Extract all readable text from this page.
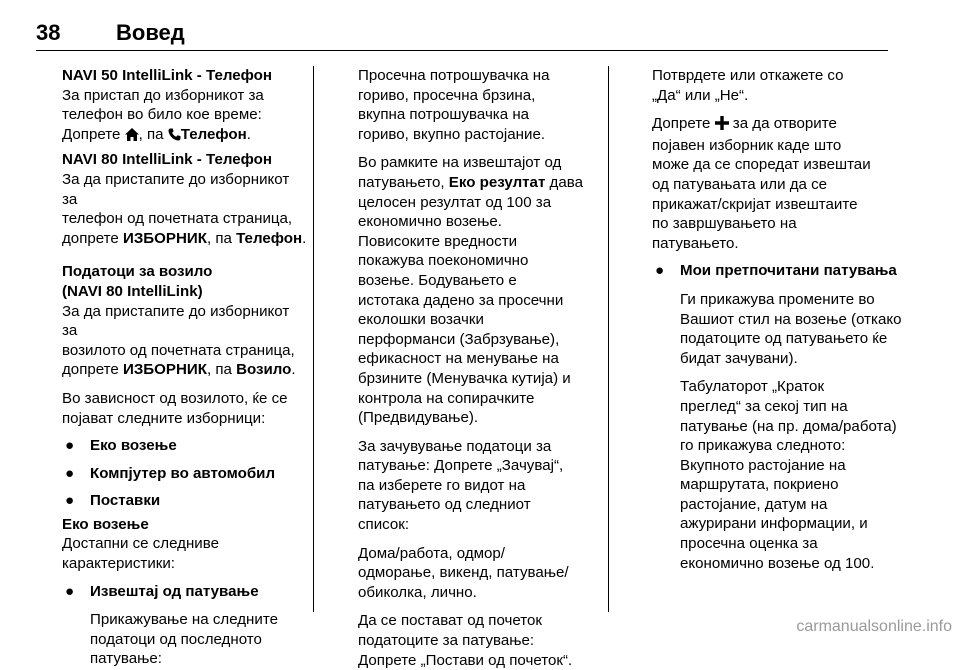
38	Вовед

NAVI 50 IntelliLink - Телефон

За пристап до изборникот за

телефон во било кое време:

Допрете , па Телефон.

NAVI 80 IntelliLink - Телефон

За да пристапите до изборникот за

телефон од почетната страница,

допрете ИЗБОРНИК, па Телефон.

Податоци за возило

(NAVI 80 IntelliLink)

За да пристапите до изборникот за

возилото од почетната страница,

допрете ИЗБОРНИК, па Возило.

Во зависност од возилото, ќе се

појават следните изборници:

● Еко возење

● Компјутер во автомобил

● Поставки

Еко возење

Достапни се следниве

карактеристики:

● Извештај од патување

Прикажување на следните

податоци од последното

патување:

Просечна потрошувачка на

гориво, просечна брзина,

вкупна потрошувачка на

гориво, вкупно растојание.

Во рамките на извештајот од

патувањето, Еко резултат дава

целосен резултат од 100 за

економично возење.

Повисоките вредности

покажува поекономично

возење. Бодувањето е

истотака дадено за просечни

еколошки возачки

перформанси (Забрзување),

ефикасност на менување на

брзините (Менувачка кутија) и

контрола на сопирачките

(Предвидување).

За зачувување податоци за

патување: Допрете „Зачувај“,

па изберете го видот на

патувањето од следниот

список:

Дома/работа, одмор/

одморање, викенд, патување/

обиколка, лично.

Да се постават од почеток

податоците за патување:

Допрете „Постави од почеток“.

Потврдете или откажете со

„Да“ или „Не“.

Допрете  за да отворите

појавен изборник каде што

може да се споредат извештаи

од патувањата или да се

прикажат/скријат извештаите

по завршувањето на

патувањето.

● Мои претпочитани патувања

Ги прикажува промените во

Вашиот стил на возење (откако

податоците од патувањето ќе

бидат зачувани).

Табулаторот „Краток

преглед“ за секој тип на

патување (на пр. дома/работа)

го прикажува следното:

Вкупното растојание на

маршрутата, покриено

растојание, датум на

ажурирани информации, и

просечна оценка за

економично возење од 100.

carmanualsonline.info
